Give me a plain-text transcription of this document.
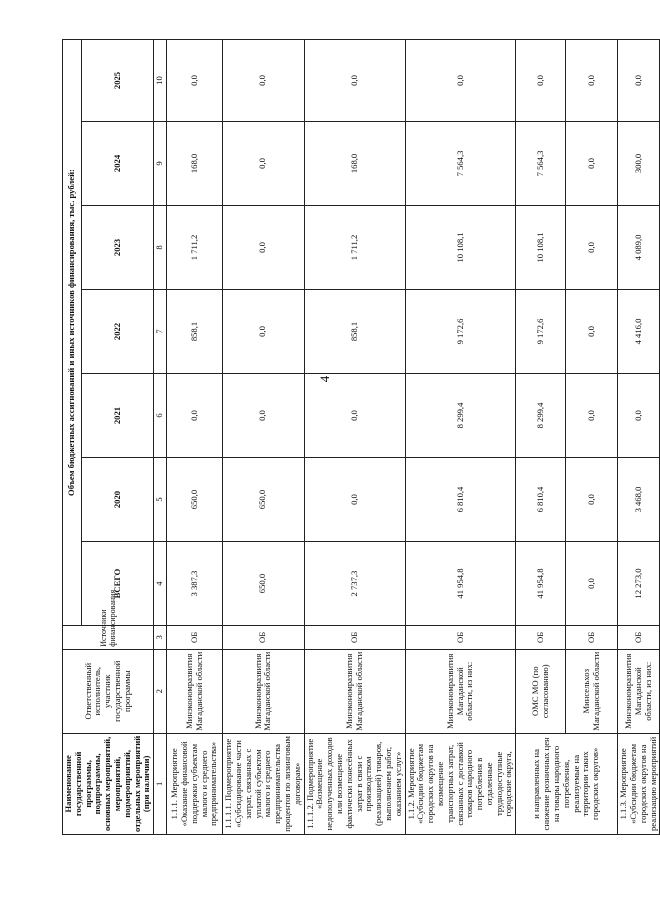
4
Наименование государственной программы, подпрограммы, основных мероприятий, мероприятий, подмероприятий, отдельных мероприятий (при наличии)	Ответственный исполнитель, участник государственной программы	Источники финансирования	Объем бюджетных ассигнований и иных источников финансирования, тыс. рублей:						
			ВСЕГО	2020	2021	2022	2023	2024	2025
1	2	3	4	5	6	7	8	9	10
1.1.1. Мероприятие «Оказание финансовой поддержки субъектам малого и среднего предпринимательства»	Минэкономразвития Магаданской области	ОБ	3 387,3	650,0	0,0	858,1	1 711,2	168,0	0,0
1.1.1.1. Подмероприятие «Субсидирование части затрат, связанных с уплатой субъектом малого и среднего предпринимательства процентов по лизинговым договорам»	Минэкономразвития Магаданской области	ОБ	650,0	650,0	0,0	0,0	0,0	0,0	0,0
1.1.1.2. Подмероприятие «Возмещение недополученных доходов или возмещение фактически понесённых затрат в связи с производством (реализацией) товаров, выполнением работ, оказанием услуг»	Минэкономразвития Магаданской области	ОБ	2 737,3	0,0	0,0	858,1	1 711,2	168,0	0,0
1.1.2. Мероприятие «Субсидии бюджетам городских округов на возмещение транспортных затрат, связанных с доставкой товаров народного потребления в отдаленные труднодоступные городские округа,	Минэкономразвития Магаданской области, из них:	ОБ	41 954,8	6 810,4	8 299,4	9 172,6	10 108,1	7 564,3	0,0
и направленных на снижение розничных цен на товары народного потребления, реализуемые на территории таких городских округов»	ОМС МО (по согласованию)	ОБ	41 954,8	6 810,4	8 299,4	9 172,6	10 108,1	7 564,3	0,0
	Минсельхоз Магаданской области	ОБ	0,0	0,0	0,0	0,0	0,0	0,0	0,0
1.1.3. Мероприятие «Субсидии бюджетам городских округов на реализацию мероприятий	Минэкономразвития Магаданской области, из них:	ОБ	12 273,0	3 468,0	0,0	4 416,0	4 089,0	300,0	0,0
